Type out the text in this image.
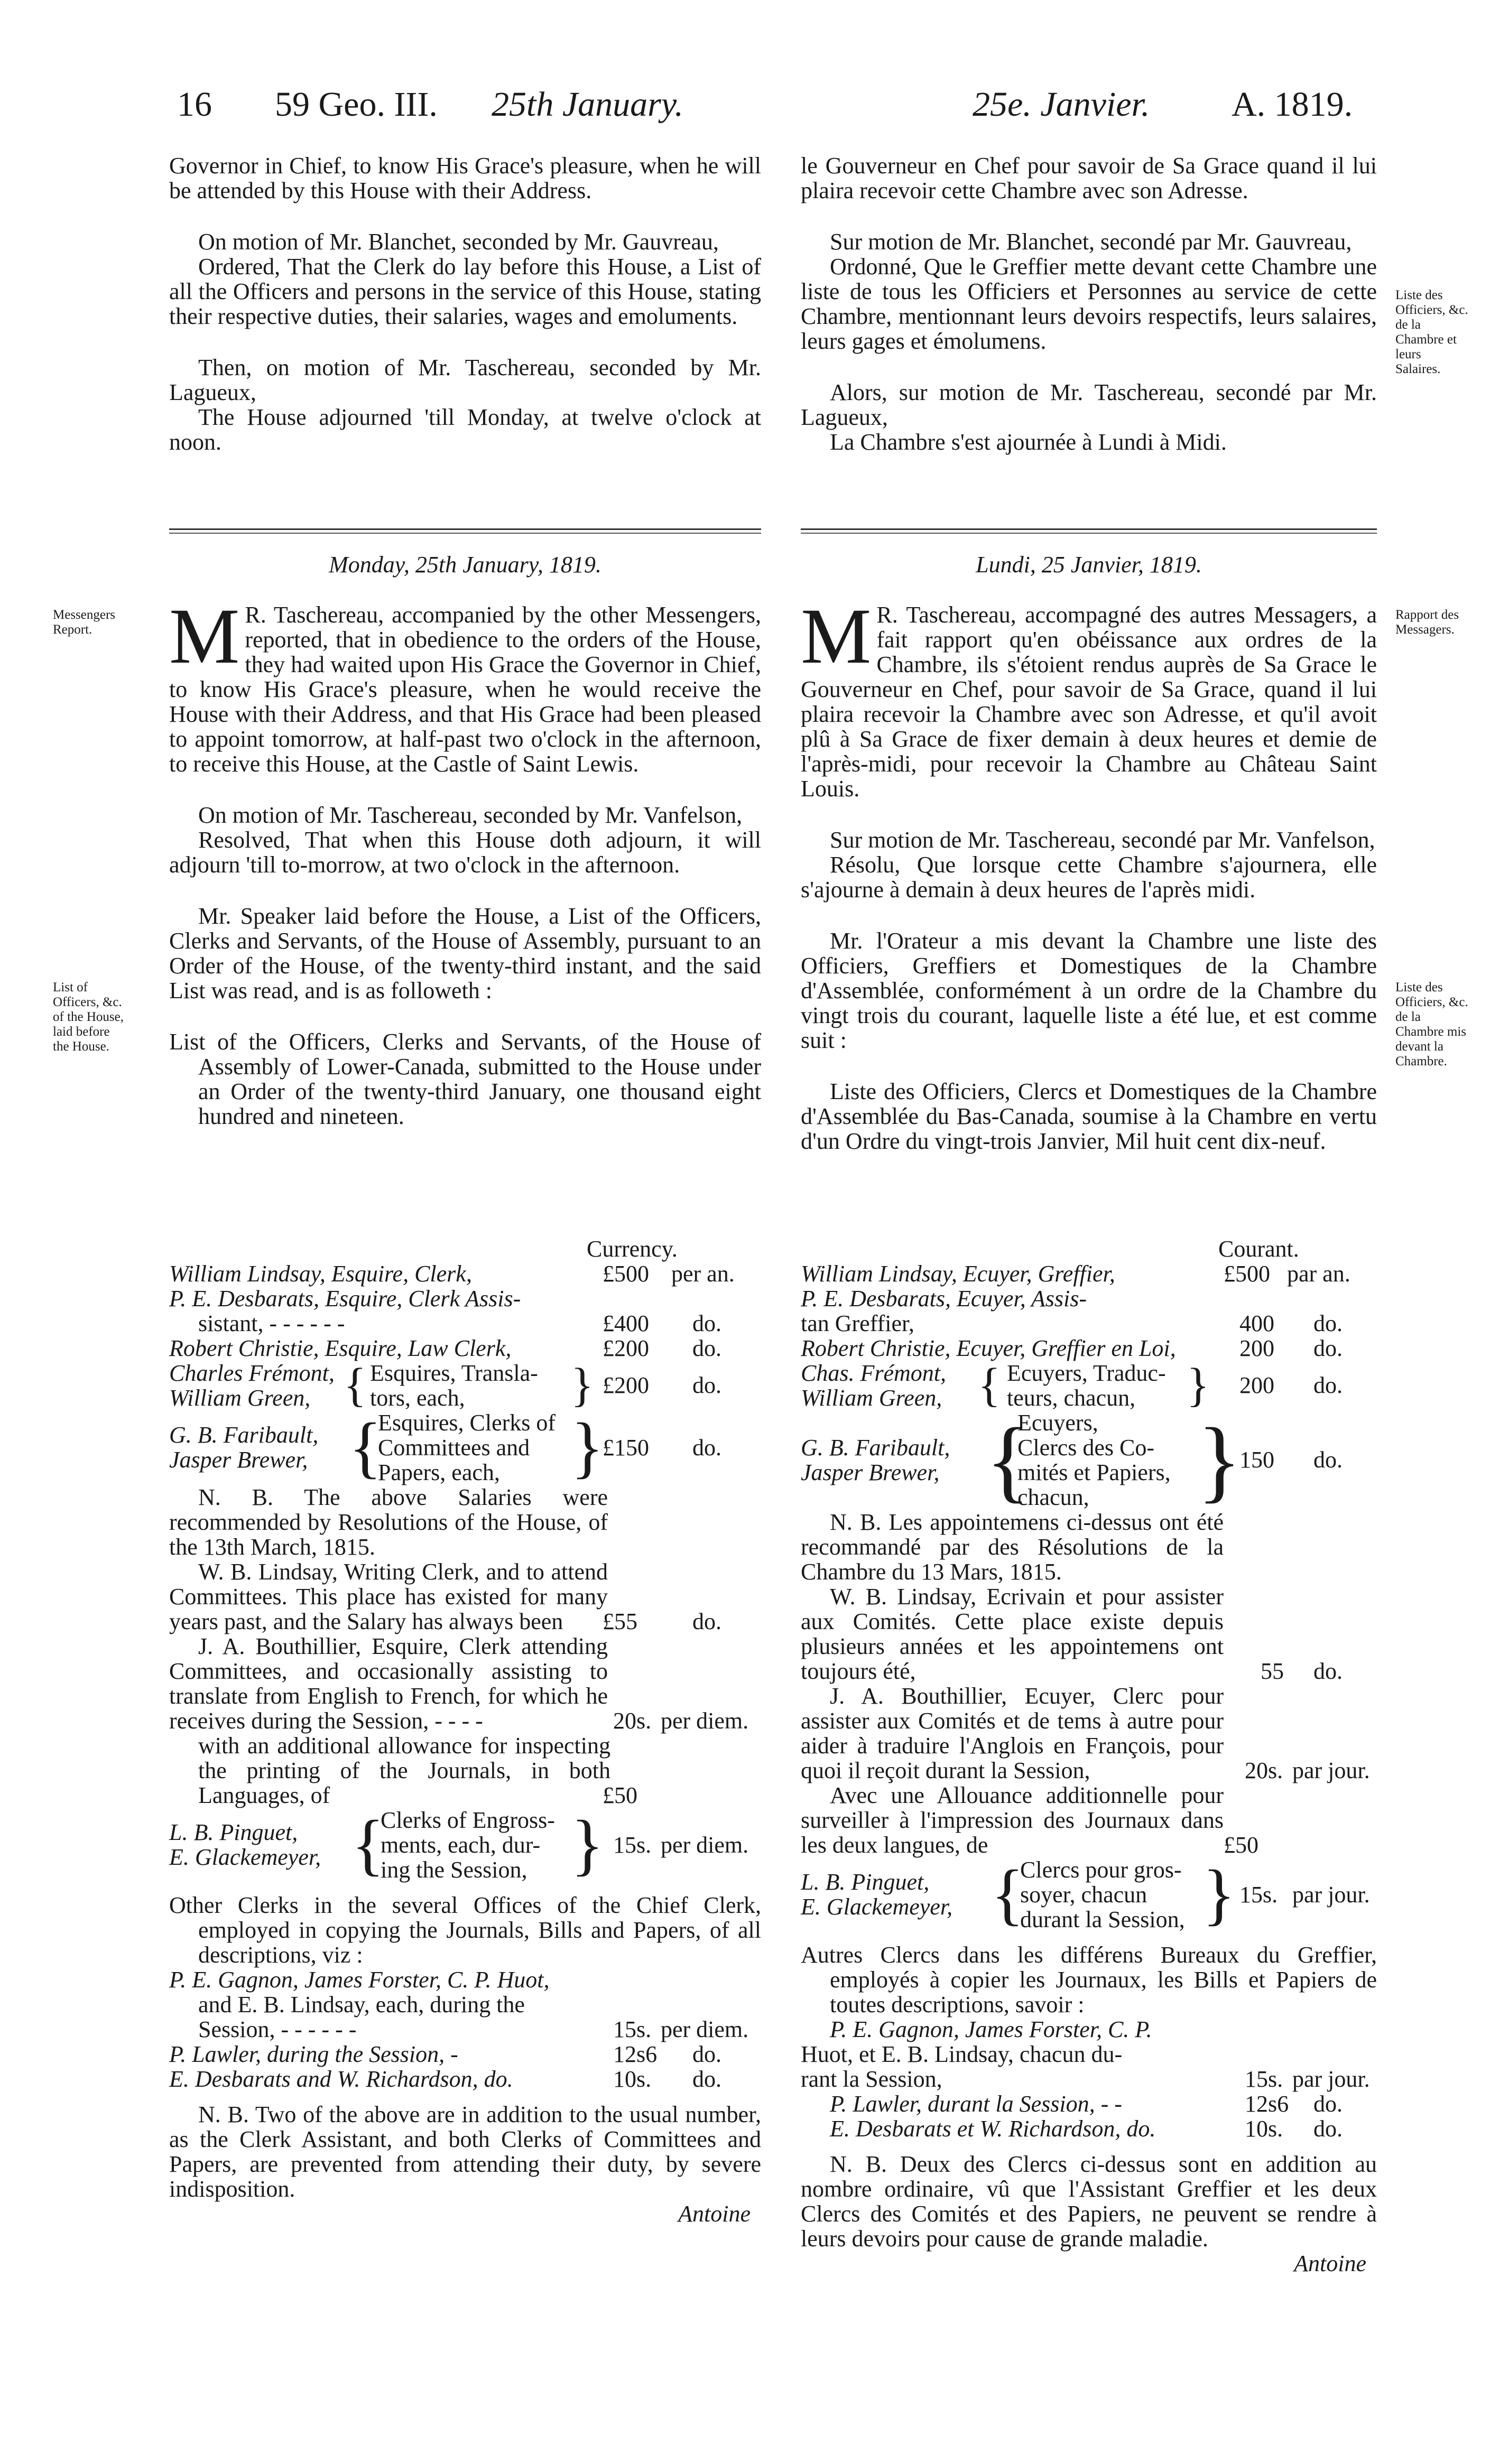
16 59 Geo. III. 25th January.	25e. Janvier. A. 1819.

Governor in Chief, to know His Grace's pleasure, when he will be attended by this House with their Address.

On motion of Mr. Blanchet, seconded by Mr. Gauvreau,

Ordered, That the Clerk do lay before this House, a List of all the Officers and persons in the service of this House, stating their respective duties, their salaries, wages and emoluments.

Then, on motion of Mr. Taschereau, seconded by Mr. Lagueux,

The House adjourned 'till Monday, at twelve o'clock at noon.

le Gouverneur en Chef pour savoir de Sa Grace quand il lui plaira recevoir cette Chambre avec son Adresse.

Sur motion de Mr. Blanchet, secondé par Mr. Gauvreau,

Ordonné, Que le Greffier mette devant cette Chambre une liste de tous les Officiers et Personnes au service de cette Chambre, mentionnant leurs devoirs respectifs, leurs salaires, leurs gages et émolumens.

Alors, sur motion de Mr. Taschereau, secondé par Mr. Lagueux,

La Chambre s'est ajournée à Lundi à Midi.

Liste des Officiers, &c. de la Chambre et leurs Salaires.
Monday, 25th January, 1819.	Lundi, 25 Janvier, 1819.
Messengers Report.
Rapport des Messagers.

M R. Taschereau, accompanied by the other Messengers, reported, that in obedience to the orders of the House, they had waited upon His Grace the Governor in Chief, to know His Grace's pleasure, when he would receive the House with their Address, and that His Grace had been pleased to appoint tomorrow, at half-past two o'clock in the afternoon, to receive this House, at the Castle of Saint Lewis.

On motion of Mr. Taschereau, seconded by Mr. Vanfelson,

Resolved, That when this House doth adjourn, it will adjourn 'till to-morrow, at two o'clock in the afternoon.

Mr. Speaker laid before the House, a List of the Officers, Clerks and Servants, of the House of Assembly, pursuant to an Order of the House, of the twenty-third instant, and the said List was read, and is as followeth :

List of the Officers, Clerks and Servants, of the House of Assembly of Lower-Canada, submitted to the House under an Order of the twenty-third January, one thousand eight hundred and nineteen.

M R. Taschereau, accompagné des autres Messagers, a fait rapport qu'en obéissance aux ordres de la Chambre, ils s'étoient rendus auprès de Sa Grace le Gouverneur en Chef, pour savoir de Sa Grace, quand il lui plaira recevoir la Chambre avec son Adresse, et qu'il avoit plû à Sa Grace de fixer demain à deux heures et demie de l'après-midi, pour recevoir la Chambre au Château Saint Louis.

Sur motion de Mr. Taschereau, secondé par Mr. Vanfelson,

Résolu, Que lorsque cette Chambre s'ajournera, elle s'ajourne à demain à deux heures de l'après midi.

Mr. l'Orateur a mis devant la Chambre une liste des Officiers, Greffiers et Domestiques de la Chambre d'Assemblée, conformément à un ordre de la Chambre du vingt trois du courant, laquelle liste a été lue, et est comme suit :

Liste des Officiers, Clercs et Domestiques de la Chambre d'Assemblée du Bas-Canada, soumise à la Chambre en vertu d'un Ordre du vingt-trois Janvier, Mil huit cent dix-neuf.

List of Officers, &c. of the House, laid before the House.
Liste des Officiers, &c. de la Chambre mis devant la Chambre.
Currency.
William Lindsay, Esquire, Clerk,	£500 per an.
P. E. Desbarats, Esquire, Clerk Assis-
sistant, - - - - - -	£400 do.
Robert Christie, Esquire, Law Clerk,	£200 do.
Charles Frémont,
William Green, { Esquires, Transla-
tors, each, } £200 do.
G. B. Faribault,
Jasper Brewer, {
Esquires, Clerks of
Committees and
Papers, each, }
£150 do.

N. B. The above Salaries were recommended by Resolutions of the House, of the 13th March, 1815.

W. B. Lindsay, Writing Clerk, and to attend Committees. This place has existed for many years past, and the Salary has always been	£55 do.

J. A. Bouthillier, Esquire, Clerk attending Committees, and occasionally assisting to translate from English to French, for which he receives during the Session, - - - -	20s. per diem.

with an additional allowance for inspecting the printing of the Journals, in both Languages, of	£50
L. B. Pinguet,
E. Glackemeyer, {
Clerks of Engross-
ments, each, dur-
ing the Session, } 15s. per diem.

Other Clerks in the several Offices of the Chief Clerk, employed in copying the Journals, Bills and Papers, of all descriptions, viz :

P. E. Gagnon, James Forster, C. P. Huot,
and E. B. Lindsay, each, during the
Session, - - - - - -	15s. per diem.
P. Lawler, during the Session, -	12s6 do.
E. Desbarats and W. Richardson, do.	10s. do.

N. B. Two of the above are in addition to the usual number, as the Clerk Assistant, and both Clerks of Committees and Papers, are prevented from attending their duty, by severe indisposition.

Antoine
Courant.
William Lindsay, Ecuyer, Greffier,	£500 par an.
P. E. Desbarats, Ecuyer, Assis-
tan Greffier,	400 do.
Robert Christie, Ecuyer, Greffier en Loi,	200 do.
Chas. Frémont,
William Green, { Ecuyers, Traduc-
teurs, chacun, } 200 do.
G. B. Faribault,
Jasper Brewer, {
Ecuyers,
Clercs des Co-
mités et Papiers,
chacun, }
150 do.

N. B. Les appointemens ci-dessus ont été recommandé par des Résolutions de la Chambre du 13 Mars, 1815.

W. B. Lindsay, Ecrivain et pour assister aux Comités. Cette place existe depuis plusieurs années et les appointemens ont toujours été,	55 do.

J. A. Bouthillier, Ecuyer, Clerc pour assister aux Comités et de tems à autre pour aider à traduire l'Anglois en François, pour quoi il reçoit durant la Session,	20s. par jour.

Avec une Allouance additionnelle pour surveiller à l'impression des Journaux dans les deux langues, de	£50
L. B. Pinguet,
E. Glackemeyer, {
Clercs pour gros-
soyer, chacun
durant la Session, } 15s. par jour.

Autres Clercs dans les différens Bureaux du Greffier, employés à copier les Journaux, les Bills et Papiers de toutes descriptions, savoir :

P. E. Gagnon, James Forster, C. P.
Huot, et E. B. Lindsay, chacun du-
rant la Session,	15s. par jour.
P. Lawler, durant la Session, - -	12s6 do.
E. Desbarats et W. Richardson, do.	10s. do.

N. B. Deux des Clercs ci-dessus sont en addition au nombre ordinaire, vû que l'Assistant Greffier et les deux Clercs des Comités et des Papiers, ne peuvent se rendre à leurs devoirs pour cause de grande maladie.

Antoine
